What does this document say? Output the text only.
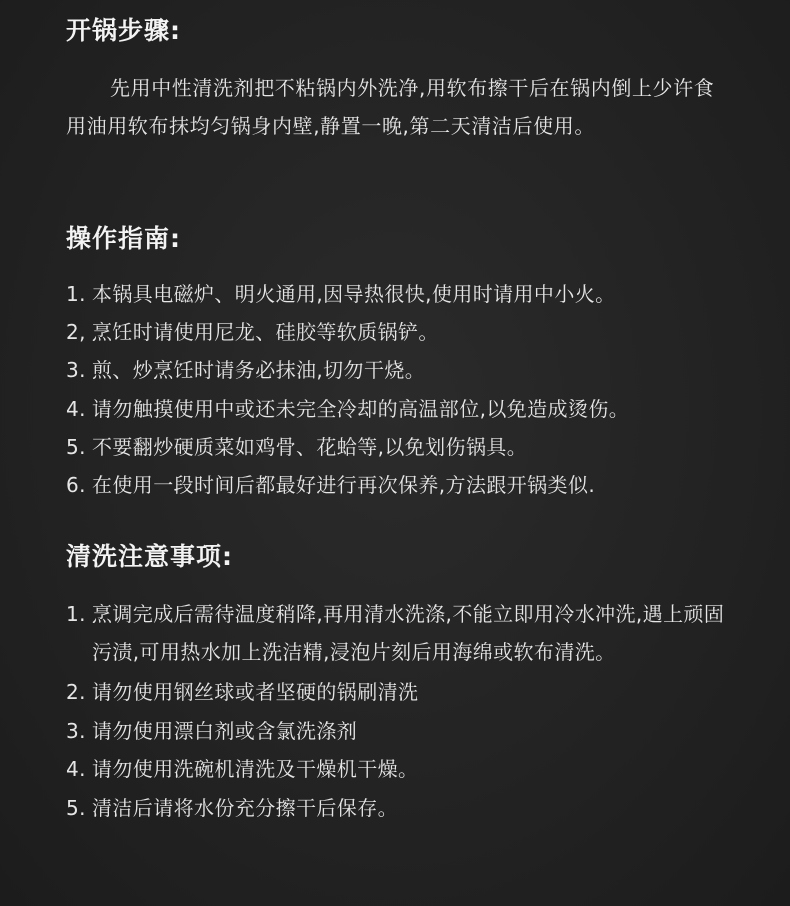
开锅步骤:
先用中性清洗剂把不粘锅内外洗净,用软布擦干后在锅内倒上少许食用油用软布抹均匀锅身内壁,静置一晚,第二天清洁后使用。
操作指南:
1. 本锅具电磁炉、明火通用,因导热很快,使用时请用中小火。
2, 烹饪时请使用尼龙、硅胶等软质锅铲。
3. 煎、炒烹饪时请务必抹油,切勿干烧。
4. 请勿触摸使用中或还未完全冷却的高温部位,以免造成烫伤。
5. 不要翻炒硬质菜如鸡骨、花蛤等,以免划伤锅具。
6. 在使用一段时间后都最好进行再次保养,方法跟开锅类似.
清洗注意事项:
1. 烹调完成后需待温度稍降,再用清水洗涤,不能立即用冷水冲洗,遇上顽固污渍,可用热水加上洗洁精,浸泡片刻后用海绵或软布清洗。
2. 请勿使用钢丝球或者坚硬的锅刷清洗
3. 请勿使用漂白剂或含氯洗涤剂
4. 请勿使用洗碗机清洗及干燥机干燥。
5. 清洁后请将水份充分擦干后保存。
